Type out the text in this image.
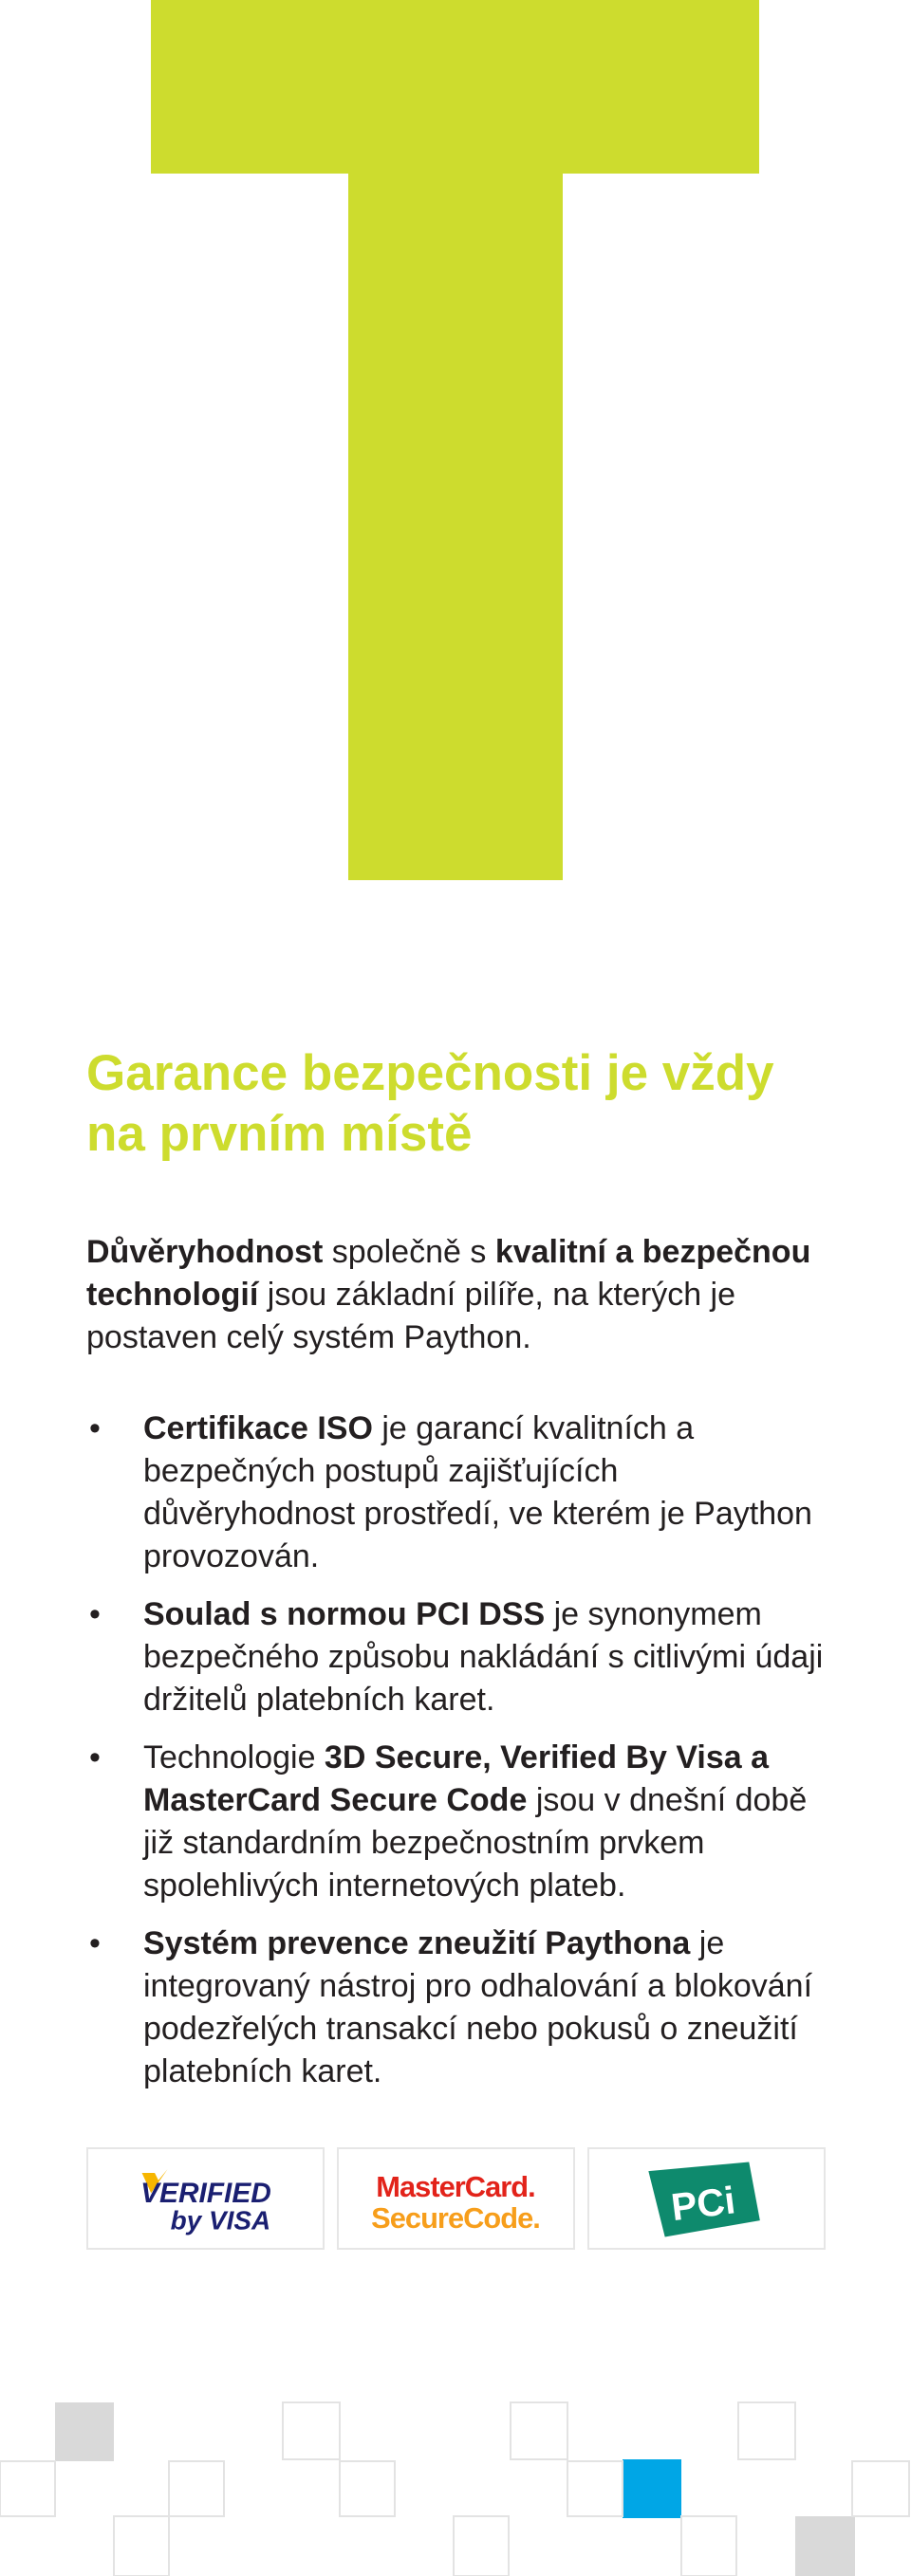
Garance bezpečnosti je vždy
na prvním místě

Důvěryhodnost společně s kvalitní a bezpečnou technologií jsou základní pilíře, na kterých je postaven celý systém Paython.

• Certifikace ISO je garancí kvalitních a bezpečných postupů zajišťujících důvěryhodnost prostředí, ve kterém je Paython provozován.
• Soulad s normou PCI DSS je synonymem bezpečného způsobu nakládání s citlivými údaji držitelů platebních karet.
• Technologie 3D Secure, Verified By Visa a MasterCard Secure Code jsou v dnešní době již standardním bezpečnostním prvkem spolehlivých internetových plateb.
• Systém prevence zneužití Paythona je integrovaný nástroj pro odhalování a blokování podezřelých transakcí nebo pokusů o zneužití platebních karet.
VERIFIED
by VISA
MasterCard.
SecureCode.	PCi
